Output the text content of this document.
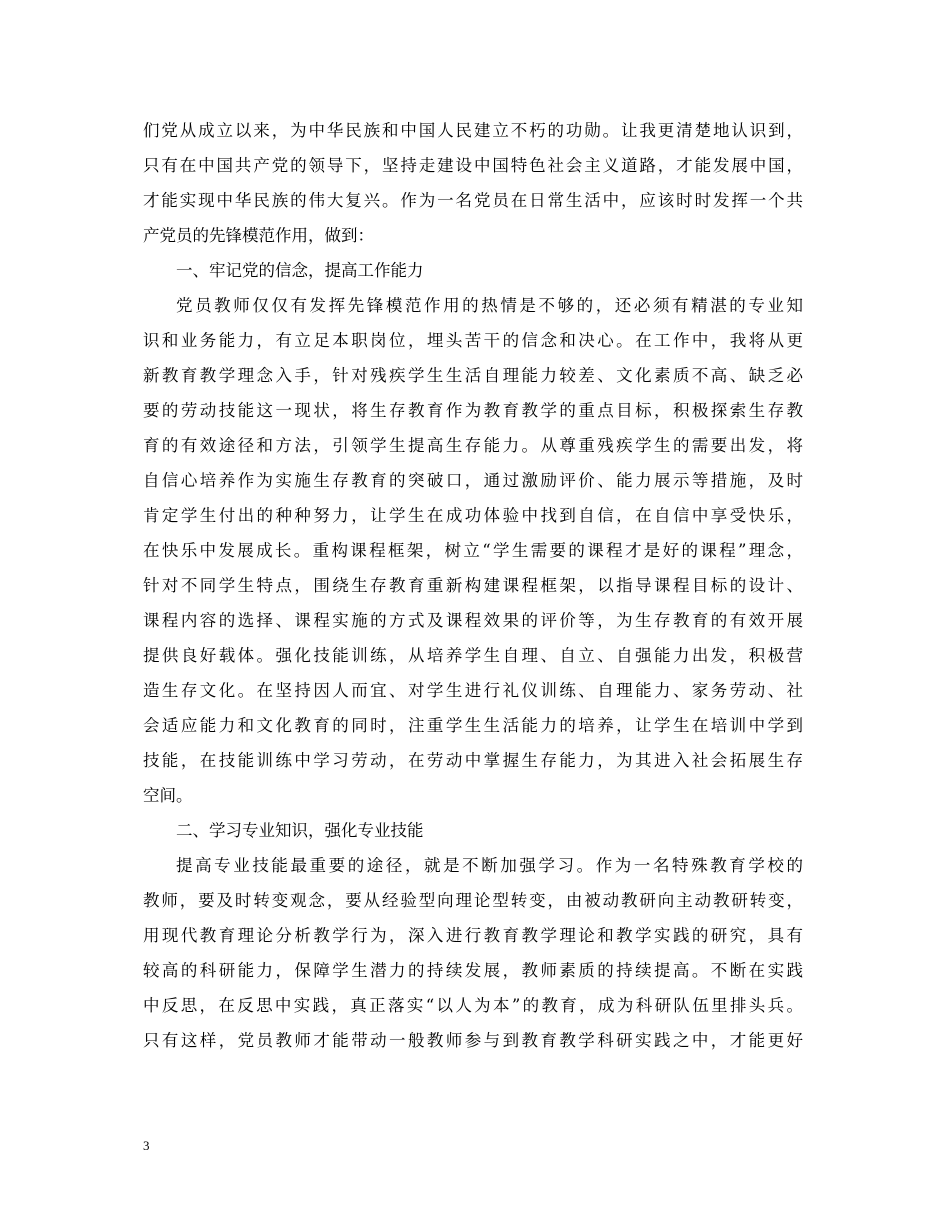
们党从成立以来，为中华民族和中国人民建立不朽的功勋。让我更清楚地认识到，
只有在中国共产党的领导下，坚持走建设中国特色社会主义道路，才能发展中国，
才能实现中华民族的伟大复兴。作为一名党员在日常生活中，应该时时发挥一个共
产党员的先锋模范作用，做到：
一、牢记党的信念，提高工作能力
党员教师仅仅有发挥先锋模范作用的热情是不够的，还必须有精湛的专业知
识和业务能力，有立足本职岗位，埋头苦干的信念和决心。在工作中，我将从更
新教育教学理念入手，针对残疾学生生活自理能力较差、文化素质不高、缺乏必
要的劳动技能这一现状，将生存教育作为教育教学的重点目标，积极探索生存教
育的有效途径和方法，引领学生提高生存能力。从尊重残疾学生的需要出发，将
自信心培养作为实施生存教育的突破口，通过激励评价、能力展示等措施，及时
肯定学生付出的种种努力，让学生在成功体验中找到自信，在自信中享受快乐，
在快乐中发展成长。重构课程框架，树立“学生需要的课程才是好的课程”理念，
针对不同学生特点，围绕生存教育重新构建课程框架，以指导课程目标的设计、
课程内容的选择、课程实施的方式及课程效果的评价等，为生存教育的有效开展
提供良好载体。强化技能训练，从培养学生自理、自立、自强能力出发，积极营
造生存文化。在坚持因人而宜、对学生进行礼仪训练、自理能力、家务劳动、社
会适应能力和文化教育的同时，注重学生生活能力的培养，让学生在培训中学到
技能，在技能训练中学习劳动，在劳动中掌握生存能力，为其进入社会拓展生存
空间。
二、学习专业知识，强化专业技能
提高专业技能最重要的途径，就是不断加强学习。作为一名特殊教育学校的
教师，要及时转变观念，要从经验型向理论型转变，由被动教研向主动教研转变，
用现代教育理论分析教学行为，深入进行教育教学理论和教学实践的研究，具有
较高的科研能力，保障学生潜力的持续发展，教师素质的持续提高。不断在实践
中反思，在反思中实践，真正落实“以人为本”的教育，成为科研队伍里排头兵。
只有这样，党员教师才能带动一般教师参与到教育教学科研实践之中，才能更好
3
